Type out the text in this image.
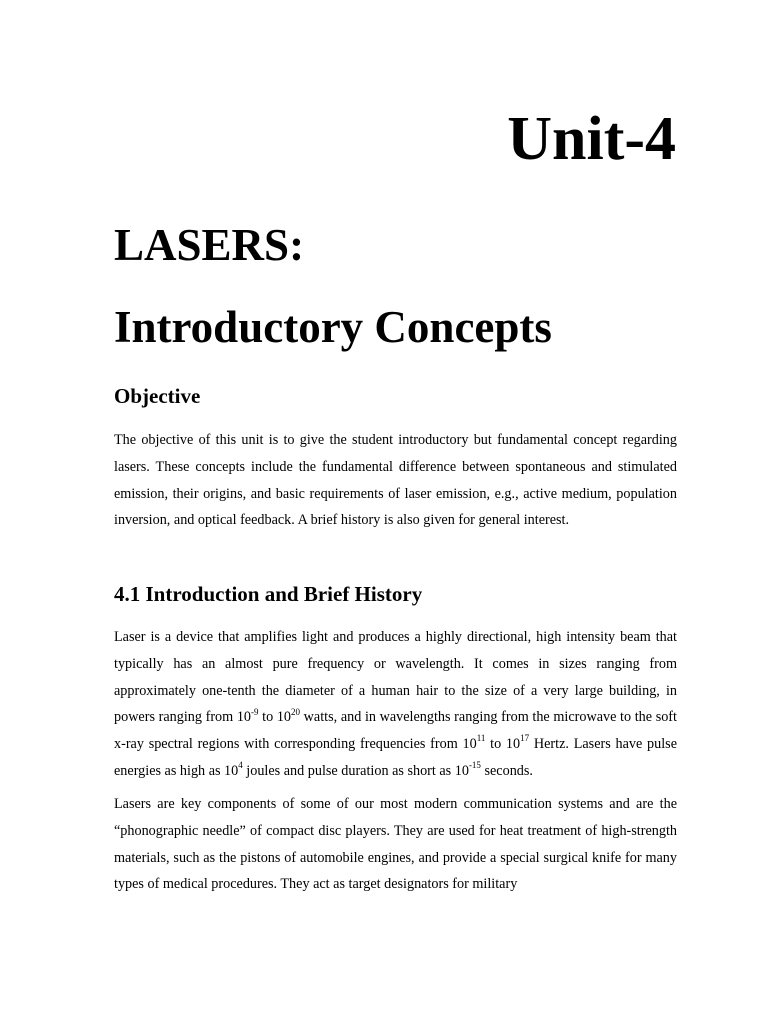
Unit-4
LASERS:
Introductory Concepts
Objective

The objective of this unit is to give the student introductory but fundamental concept regarding lasers. These concepts include the fundamental difference between spontaneous and stimulated emission, their origins, and basic requirements of laser emission, e.g., active medium, population inversion, and optical feedback. A brief history is also given for general interest.

4.1 Introduction and Brief History

Laser is a device that amplifies light and produces a highly directional, high intensity beam that typically has an almost pure frequency or wavelength. It comes in sizes ranging from approximately one-tenth the diameter of a human hair to the size of a very large building, in powers ranging from $10^{-9}$ to $10^{20}$ watts, and in wavelengths ranging from the microwave to the soft x-ray spectral regions with corresponding frequencies from $10^{11}$ to $10^{17}$ Hertz. Lasers have pulse energies as high as $10^4$ joules and pulse duration as short as $10^{-15}$ seconds.

Lasers are key components of some of our most modern communication systems and are the “phonographic needle” of compact disc players. They are used for heat treatment of high-strength materials, such as the pistons of automobile engines, and provide a special surgical knife for many types of medical procedures. They act as target designators for military
